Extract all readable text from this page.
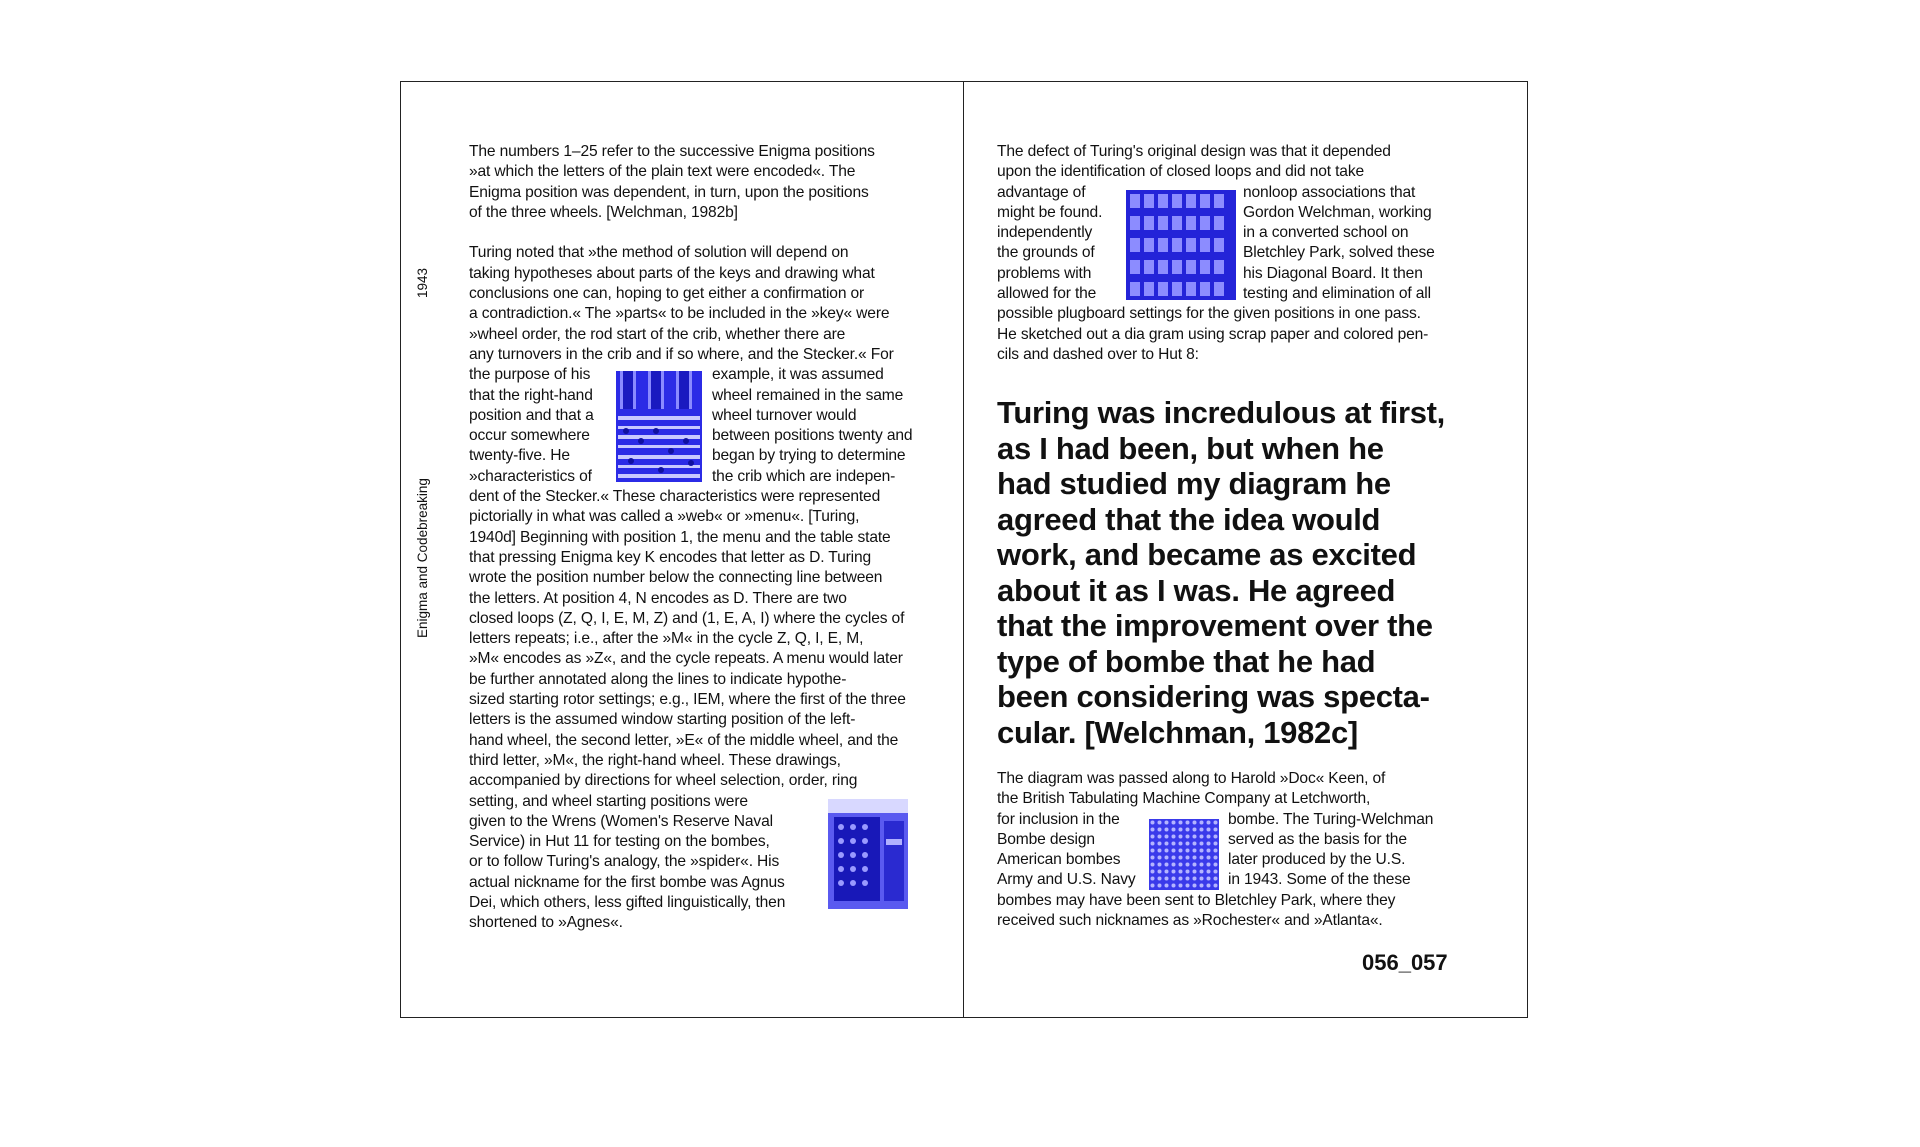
1943
Enigma and Codebreaking

The numbers 1–25 refer to the successive Enigma positions

»at which the letters of the plain text were encoded«. The

Enigma position was dependent, in turn, upon the positions

of the three wheels. [Welchman, 1982b]

Turing noted that »the method of solution will depend on

taking hypotheses about parts of the keys and drawing what

conclusions one can, hoping to get either a confirmation or

a contradiction.« The »parts« to be included in the »key« were

»wheel order, the rod start of the crib, whether there are

any turnovers in the crib and if so where, and the Stecker.« For

the purpose of his	example, it was assumed
that the right-hand	wheel remained in the same
position and that a	wheel turnover would
occur somewhere	between positions twenty and
twenty-five. He	began by trying to determine
»characteristics of	the crib which are indepen-

dent of the Stecker.« These characteristics were represented

pictorially in what was called a »web« or »menu«. [Turing,

1940d] Beginning with position 1, the menu and the table state

that pressing Enigma key K encodes that letter as D. Turing

wrote the position number below the connecting line between

the letters. At position 4, N encodes as D. There are two

closed loops (Z, Q, I, E, M, Z) and (1, E, A, I) where the cycles of

letters repeats; i.e., after the »M« in the cycle Z, Q, I, E, M,

»M« encodes as »Z«, and the cycle repeats. A menu would later

be further annotated along the lines to indicate hypothe-

sized starting rotor settings; e.g., IEM, where the first of the three

letters is the assumed window starting position of the left-

hand wheel, the second letter, »E« of the middle wheel, and the

third letter, »M«, the right-hand wheel. These drawings,

accompanied by directions for wheel selection, order, ring

setting, and wheel starting positions were

given to the Wrens (Women's Reserve Naval

Service) in Hut 11 for testing on the bombes,

or to follow Turing's analogy, the »spider«. His

actual nickname for the first bombe was Agnus

Dei, which others, less gifted linguistically, then

shortened to »Agnes«.

The defect of Turing's original design was that it depended

upon the identification of closed loops and did not take

advantage of	nonloop associations that
might be found.	Gordon Welchman, working
independently	in a converted school on
the grounds of	Bletchley Park, solved these
problems with	his Diagonal Board. It then
allowed for the	testing and elimination of all

possible plugboard settings for the given positions in one pass.

He sketched out a dia gram using scrap paper and colored pen-

cils and dashed over to Hut 8:

Turing was incredulous at first,

as I had been, but when he

had studied my diagram he

agreed that the idea would

work, and became as excited

about it as I was. He agreed

that the improvement over the

type of bombe that he had

been considering was specta-

cular. [Welchman, 1982c]

The diagram was passed along to Harold »Doc« Keen, of

the British Tabulating Machine Company at Letchworth,

for inclusion in the	bombe. The Turing-Welchman
Bombe design	served as the basis for the
American bombes	later produced by the U.S.
Army and U.S. Navy	in 1943. Some of the these

bombes may have been sent to Bletchley Park, where they

received such nicknames as »Rochester« and »Atlanta«.

056_057
